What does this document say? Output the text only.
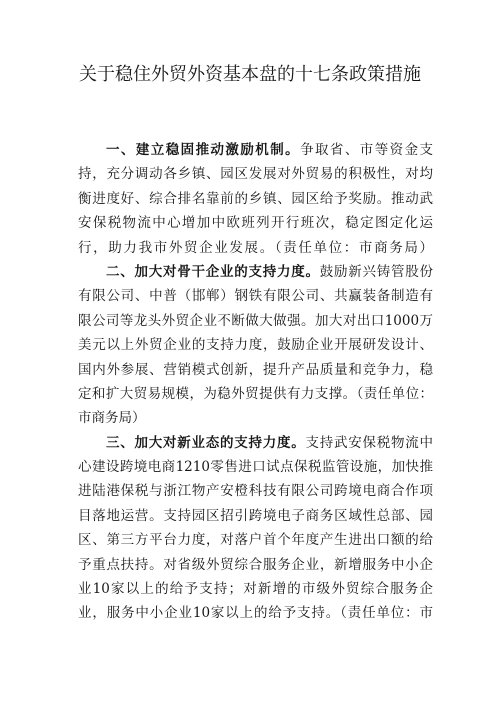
关于稳住外贸外资基本盘的十七条政策措施
一、建立稳固推动激励机制。争取省、市等资金支
持，充分调动各乡镇、园区发展对外贸易的积极性，对均
衡进度好、综合排名靠前的乡镇、园区给予奖励。推动武
安保税物流中心增加中欧班列开行班次，稳定图定化运
行，助力我市外贸企业发展。（责任单位：市商务局）
二、加大对骨干企业的支持力度。鼓励新兴铸管股份
有限公司、中普（邯郸）钢铁有限公司、共赢装备制造有
限公司等龙头外贸企业不断做大做强。加大对出口1000万
美元以上外贸企业的支持力度，鼓励企业开展研发设计、
国内外参展、营销模式创新，提升产品质量和竞争力，稳
定和扩大贸易规模，为稳外贸提供有力支撑。（责任单位：
市商务局）
三、加大对新业态的支持力度。支持武安保税物流中
心建设跨境电商1210零售进口试点保税监管设施，加快推
进陆港保税与浙江物产安橙科技有限公司跨境电商合作项
目落地运营。支持园区招引跨境电子商务区域性总部、园
区、第三方平台力度，对落户首个年度产生进出口额的给
予重点扶持。对省级外贸综合服务企业，新增服务中小企
业10家以上的给予支持；对新增的市级外贸综合服务企
业，服务中小企业10家以上的给予支持。（责任单位：市
